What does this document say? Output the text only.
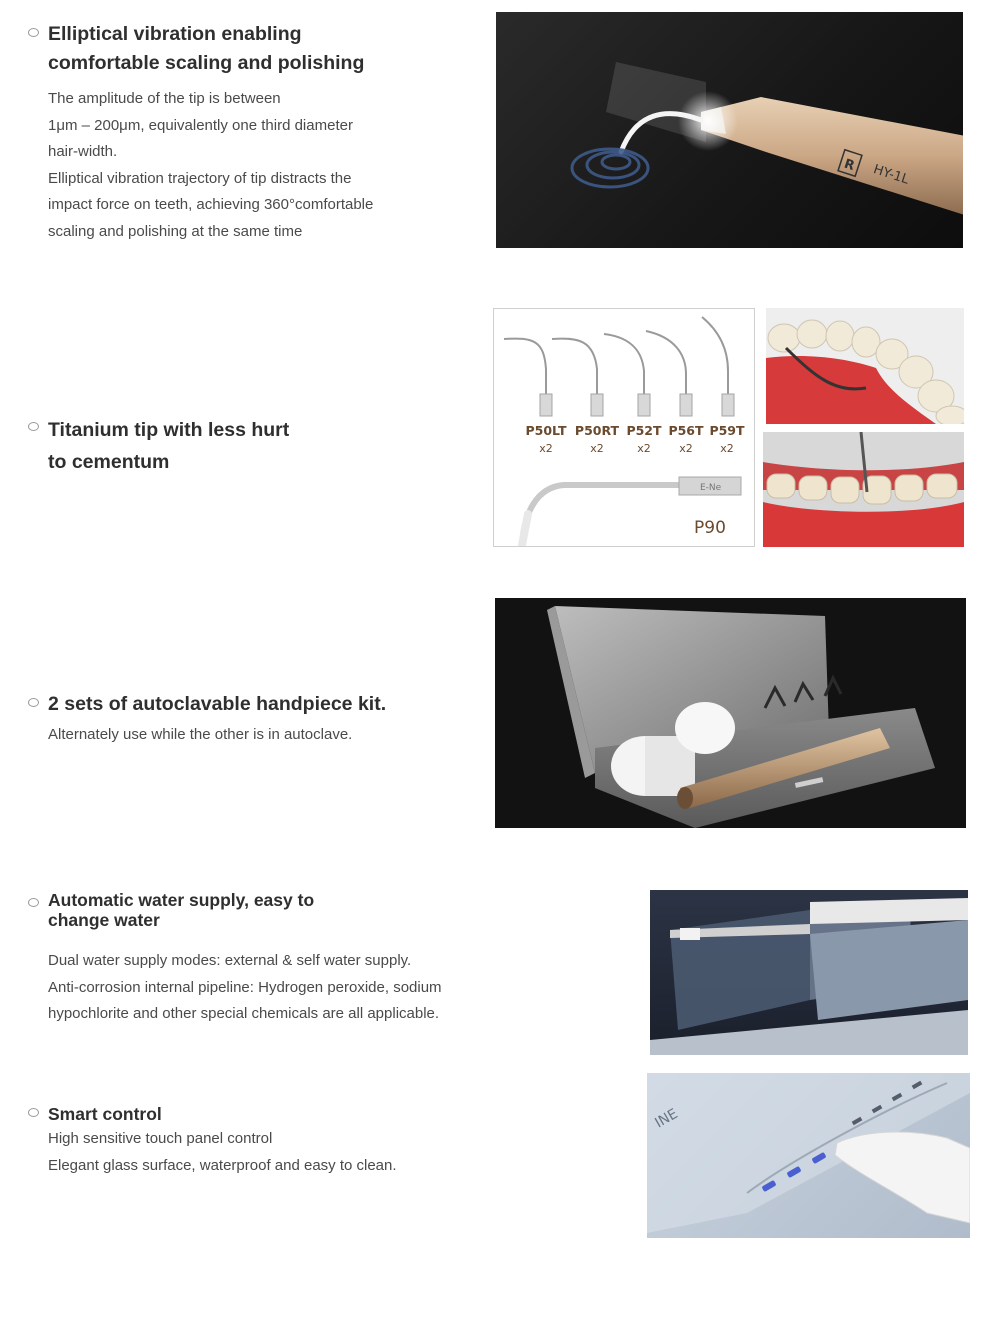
Elliptical vibration enabling
comfortable scaling and polishing
The amplitude of the tip is between
1μm – 200μm, equivalently one third diameter
hair-width.
Elliptical vibration trajectory of tip distracts the
impact force on teeth, achieving 360°comfortable
scaling and polishing at the same time
R HY-1L
Titanium tip with less hurt
to cementum
P50LT P50RT P52T P56T P59T
x2	x2	x2	x2 x2
E-Ne
P90
2 sets of autoclavable handpiece kit.
Alternately use while the other is in autoclave.
Automatic water supply, easy to
change water
Dual water supply modes: external & self water supply.
Anti-corrosion internal pipeline: Hydrogen peroxide, sodium
hypochlorite and other special chemicals are all applicable.
Smart control
High sensitive touch panel control
Elegant glass surface, waterproof and easy to clean.
INE
